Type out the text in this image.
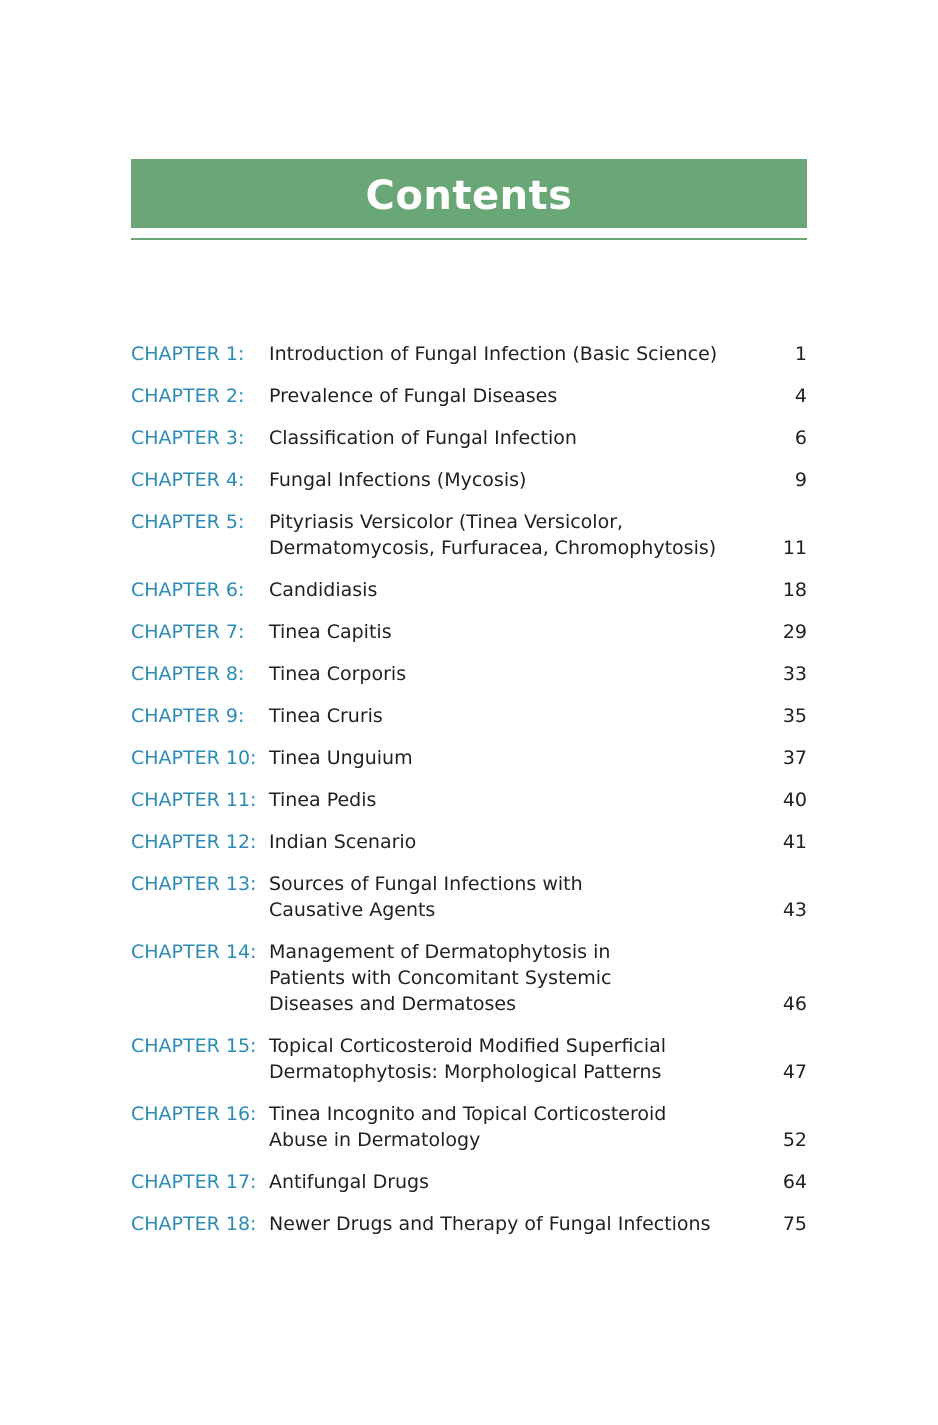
Contents
CHAPTER 1: Introduction of Fungal Infection (Basic Science)	1
CHAPTER 2: Prevalence of Fungal Diseases	4
CHAPTER 3: Classification of Fungal Infection	6
CHAPTER 4: Fungal Infections (Mycosis)	9
CHAPTER 5: Pityriasis Versicolor (Tinea Versicolor, Dermatomycosis, Furfuracea, Chromophytosis)	11
CHAPTER 6: Candidiasis	18
CHAPTER 7: Tinea Capitis	29
CHAPTER 8: Tinea Corporis	33
CHAPTER 9: Tinea Cruris	35
CHAPTER 10: Tinea Unguium	37
CHAPTER 11: Tinea Pedis	40
CHAPTER 12: Indian Scenario	41
CHAPTER 13: Sources of Fungal Infections with Causative Agents	43
CHAPTER 14: Management of Dermatophytosis in Patients with Concomitant Systemic Diseases and Dermatoses	46
CHAPTER 15: Topical Corticosteroid Modified Superficial Dermatophytosis: Morphological Patterns	47
CHAPTER 16: Tinea Incognito and Topical Corticosteroid Abuse in Dermatology	52
CHAPTER 17: Antifungal Drugs	64
CHAPTER 18: Newer Drugs and Therapy of Fungal Infections	75
